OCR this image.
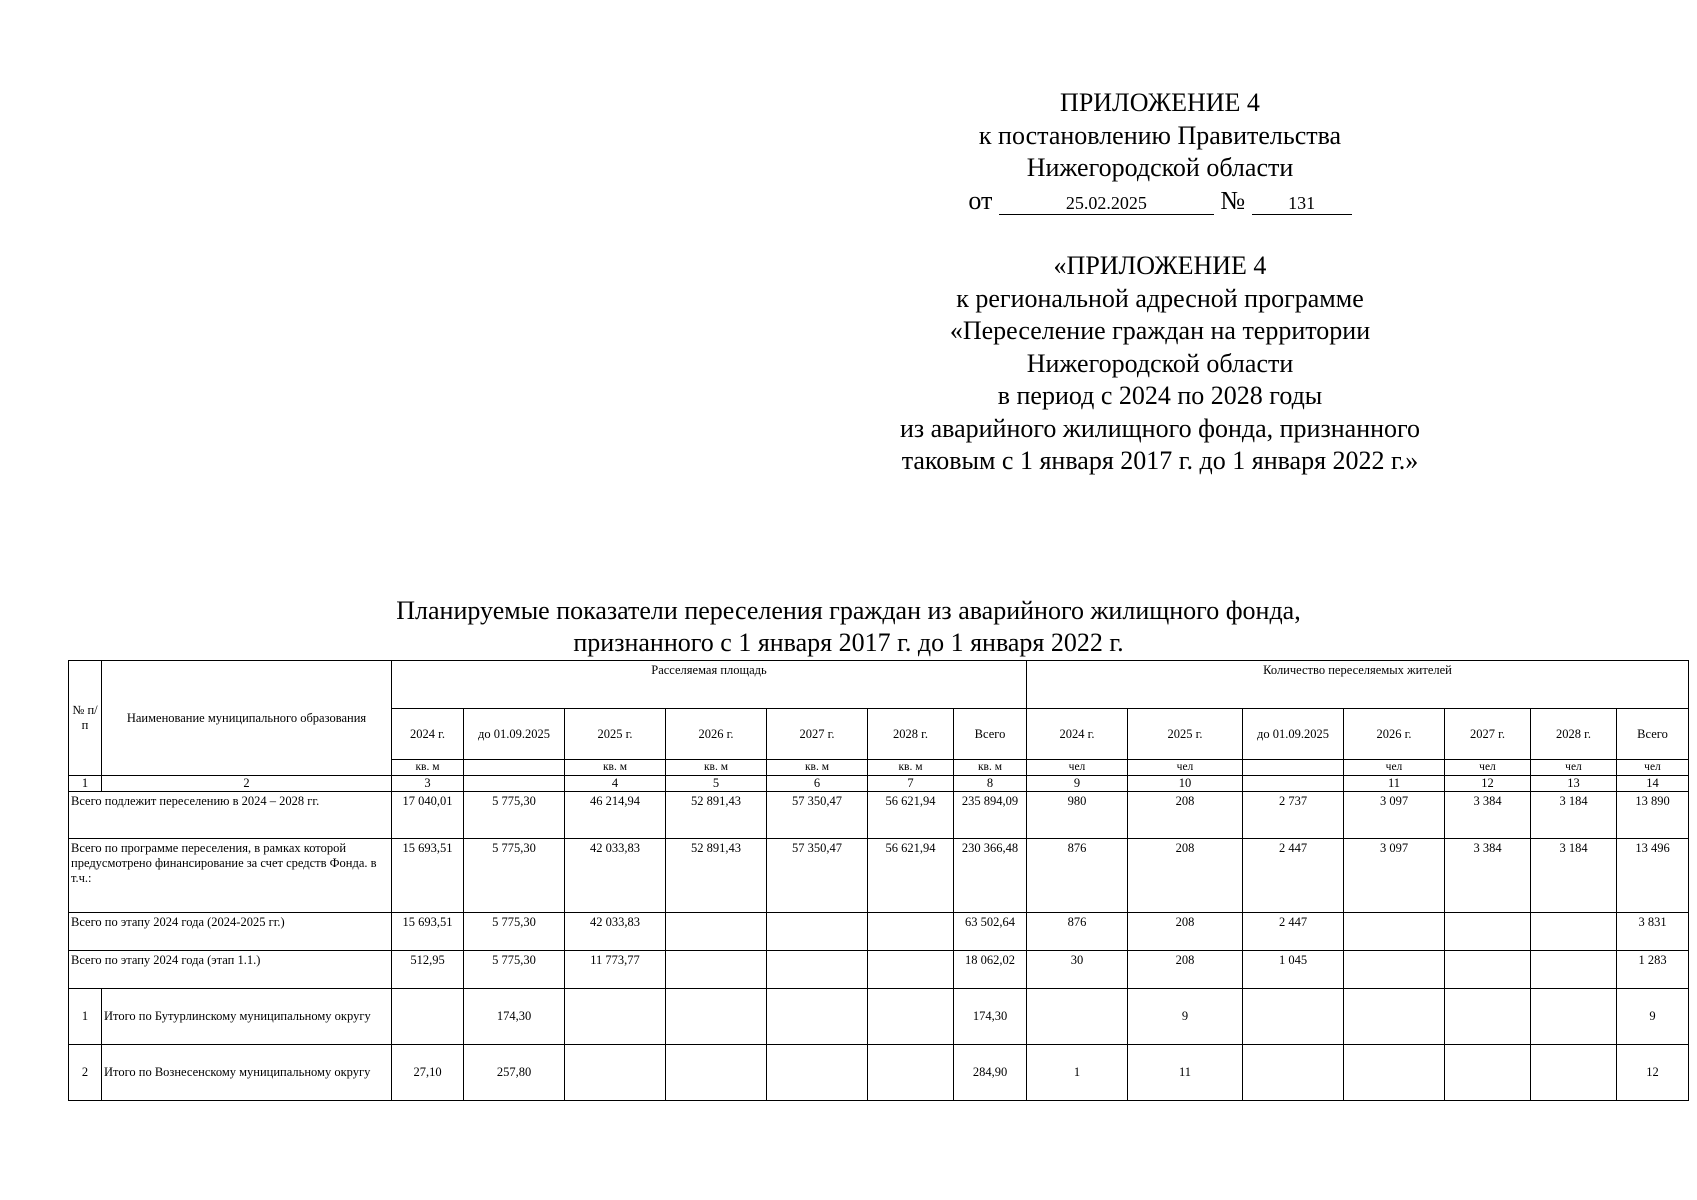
ПРИЛОЖЕНИЕ 4
к постановлению Правительства
Нижегородской области
от	25.02.2025	№ 131
«ПРИЛОЖЕНИЕ 4
к региональной адресной программе
«Переселение граждан на территории
Нижегородской области
в период с 2024 по 2028 годы
из аварийного жилищного фонда, признанного
таковым с 1 января 2017 г. до 1 января 2022 г.»
Планируемые показатели переселения граждан из аварийного жилищного фонда,
признанного с 1 января 2017 г. до 1 января 2022 г.
№ п/п	Наименование муниципального образования	Расселяемая площадь							Количество переселяемых жителей						
		2024 г.	до 01.09.2025	2025 г.	2026 г.	2027 г.	2028 г.	Всего	2024 г.	2025 г.	до 01.09.2025	2026 г.	2027 г.	2028 г.	Всего
		кв. м		кв. м	кв. м	кв. м	кв. м	кв. м	чел	чел		чел	чел	чел	чел
1	2	3		4	5	6	7	8	9	10		11	12	13	14
Всего подлежит переселению в 2024 – 2028 гг.		17 040,01	5 775,30	46 214,94	52 891,43	57 350,47	56 621,94	235 894,09	980	208	2 737	3 097	3 384	3 184	13 890
Всего по программе переселения, в рамках которой предусмотрено финансирование за счет средств Фонда. в т.ч.:		15 693,51	5 775,30	42 033,83	52 891,43	57 350,47	56 621,94	230 366,48	876	208	2 447	3 097	3 384	3 184	13 496
Всего по этапу 2024 года (2024-2025 гг.)		15 693,51	5 775,30	42 033,83				63 502,64	876	208	2 447				3 831
Всего по этапу 2024 года (этап 1.1.)		512,95	5 775,30	11 773,77				18 062,02	30	208	1 045				1 283
1	Итого по Бутурлинскому муниципальному округу		174,30					174,30		9					9
2	Итого по Вознесенскому муниципальному округу	27,10	257,80					284,90	1	11					12
